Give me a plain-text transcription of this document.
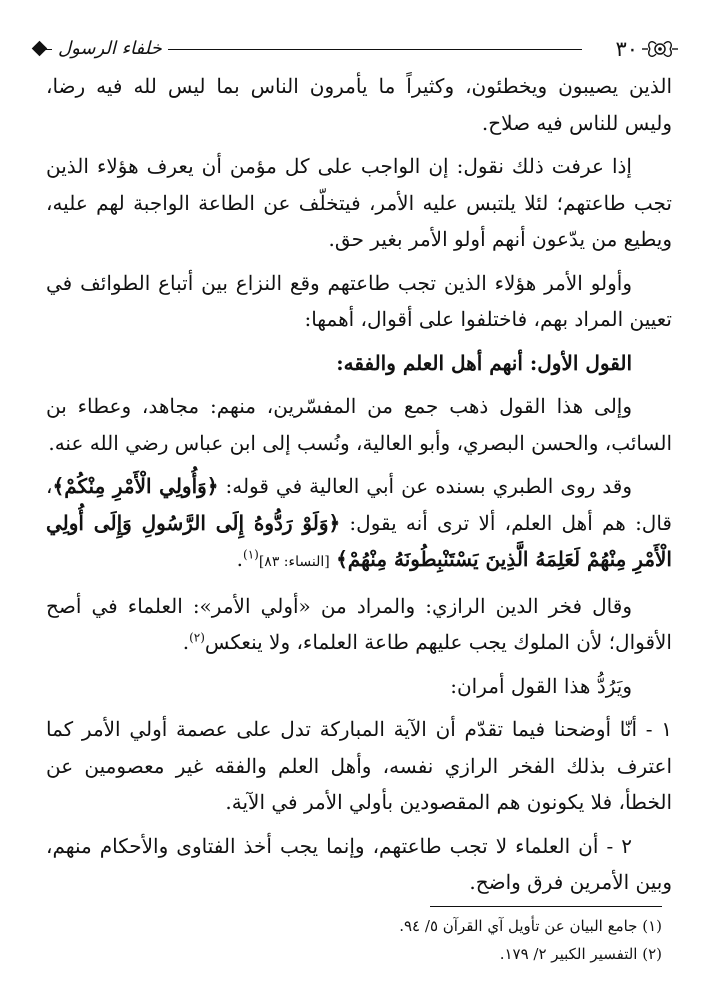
٣٠
خلفاء الرسول

الذين يصيبون ويخطئون، وكثيراً ما يأمرون الناس بما ليس لله فيه رضا، وليس للناس فيه صلاح.

إذا عرفت ذلك نقول: إن الواجب على كل مؤمن أن يعرف هؤلاء الذين تجب طاعتهم؛ لئلا يلتبس عليه الأمر، فيتخلّف عن الطاعة الواجبة لهم عليه، ويطيع من يدّعون أنهم أولو الأمر بغير حق.

وأولو الأمر هؤلاء الذين تجب طاعتهم وقع النزاع بين أتباع الطوائف في تعيين المراد بهم، فاختلفوا على أقوال، أهمها:

القول الأول: أنهم أهل العلم والفقه:

وإلى هذا القول ذهب جمع من المفسّرين، منهم: مجاهد، وعطاء بن السائب، والحسن البصري، وأبو العالية، ونُسب إلى ابن عباس رضي الله عنه.

وقد روى الطبري بسنده عن أبي العالية في قوله: ﴿وَأُولِي الْأَمْرِ مِنْكُمْ﴾، قال: هم أهل العلم، ألا ترى أنه يقول: ﴿وَلَوْ رَدُّوهُ إِلَى الرَّسُولِ وَإِلَى أُولِي الْأَمْرِ مِنْهُمْ لَعَلِمَهُ الَّذِينَ يَسْتَنْبِطُونَهُ مِنْهُمْ﴾ [النساء: ٨٣]$^{(١)}$.

وقال فخر الدين الرازي: والمراد من «أولي الأمر»: العلماء في أصح الأقوال؛ لأن الملوك يجب عليهم طاعة العلماء، ولا ينعكس$^{(٢)}$.

ويَرُدُّ هذا القول أمران:

١ - أنّا أوضحنا فيما تقدّم أن الآية المباركة تدل على عصمة أولي الأمر كما اعترف بذلك الفخر الرازي نفسه، وأهل العلم والفقه غير معصومين عن الخطأ، فلا يكونون هم المقصودين بأولي الأمر في الآية.

٢ - أن العلماء لا تجب طاعتهم، وإنما يجب أخذ الفتاوى والأحكام منهم، وبين الأمرين فرق واضح.

(١) جامع البيان عن تأويل آي القرآن ٥/ ٩٤.
(٢) التفسير الكبير ٢/ ١٧٩.
